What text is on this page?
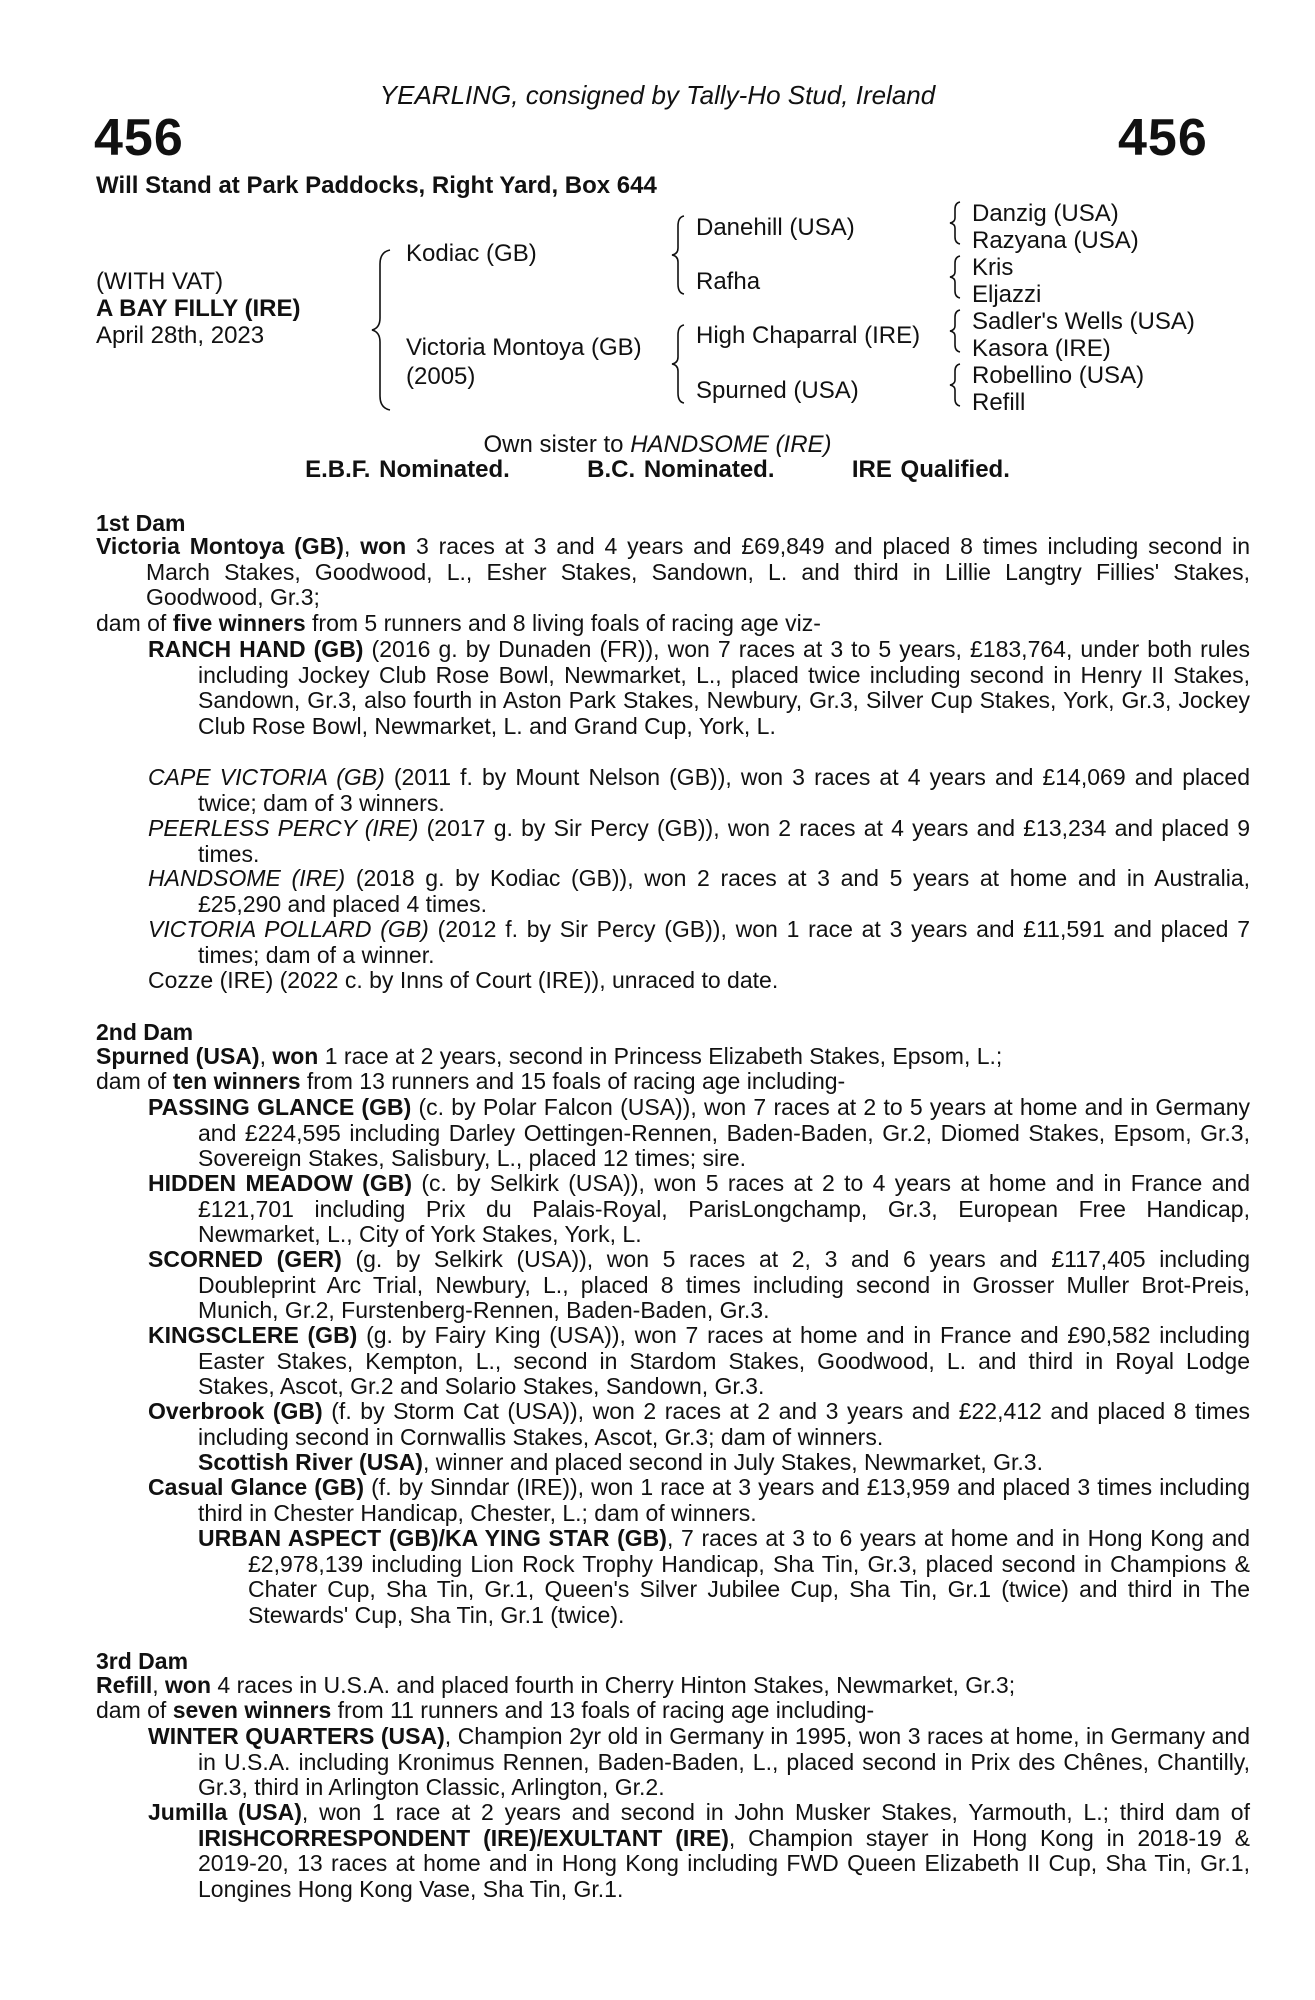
YEARLING, consigned by Tally-Ho Stud, Ireland
456	456
Will Stand at Park Paddocks, Right Yard, Box 644
(WITH VAT)
A BAY FILLY (IRE)
April 28th, 2023
Kodiac (GB)
Victoria Montoya (GB)
(2005)
Danehill (USA)
Rafha
High Chaparral (IRE)
Spurned (USA)
Danzig (USA)
Razyana (USA)
Kris
Eljazzi
Sadler's Wells (USA)
Kasora (IRE)
Robellino (USA)
Refill
Own sister to HANDSOME (IRE)
E.B.F. Nominated.	B.C. Nominated.	IRE Qualified.
1st Dam
Victoria Montoya (GB), won 3 races at 3 and 4 years and £69,849 and placed 8 times including second in March Stakes, Goodwood, L., Esher Stakes, Sandown, L. and third in Lillie Langtry Fillies' Stakes, Goodwood, Gr.3;
dam of five winners from 5 runners and 8 living foals of racing age viz-
RANCH HAND (GB) (2016 g. by Dunaden (FR)), won 7 races at 3 to 5 years, £183,764, under both rules including Jockey Club Rose Bowl, Newmarket, L., placed twice including second in Henry II Stakes, Sandown, Gr.3, also fourth in Aston Park Stakes, Newbury, Gr.3, Silver Cup Stakes, York, Gr.3, Jockey Club Rose Bowl, Newmarket, L. and Grand Cup, York, L.
CAPE VICTORIA (GB) (2011 f. by Mount Nelson (GB)), won 3 races at 4 years and £14,069 and placed twice; dam of 3 winners.
PEERLESS PERCY (IRE) (2017 g. by Sir Percy (GB)), won 2 races at 4 years and £13,234 and placed 9 times.
HANDSOME (IRE) (2018 g. by Kodiac (GB)), won 2 races at 3 and 5 years at home and in Australia, £25,290 and placed 4 times.
VICTORIA POLLARD (GB) (2012 f. by Sir Percy (GB)), won 1 race at 3 years and £11,591 and placed 7 times; dam of a winner.
Cozze (IRE) (2022 c. by Inns of Court (IRE)), unraced to date.
2nd Dam
Spurned (USA), won 1 race at 2 years, second in Princess Elizabeth Stakes, Epsom, L.;
dam of ten winners from 13 runners and 15 foals of racing age including-
PASSING GLANCE (GB) (c. by Polar Falcon (USA)), won 7 races at 2 to 5 years at home and in Germany and £224,595 including Darley Oettingen-Rennen, Baden-Baden, Gr.2, Diomed Stakes, Epsom, Gr.3, Sovereign Stakes, Salisbury, L., placed 12 times; sire.
HIDDEN MEADOW (GB) (c. by Selkirk (USA)), won 5 races at 2 to 4 years at home and in France and £121,701 including Prix du Palais-Royal, ParisLongchamp, Gr.3, European Free Handicap, Newmarket, L., City of York Stakes, York, L.
SCORNED (GER) (g. by Selkirk (USA)), won 5 races at 2, 3 and 6 years and £117,405 including Doubleprint Arc Trial, Newbury, L., placed 8 times including second in Grosser Muller Brot-Preis, Munich, Gr.2, Furstenberg-Rennen, Baden-Baden, Gr.3.
KINGSCLERE (GB) (g. by Fairy King (USA)), won 7 races at home and in France and £90,582 including Easter Stakes, Kempton, L., second in Stardom Stakes, Goodwood, L. and third in Royal Lodge Stakes, Ascot, Gr.2 and Solario Stakes, Sandown, Gr.3.
Overbrook (GB) (f. by Storm Cat (USA)), won 2 races at 2 and 3 years and £22,412 and placed 8 times including second in Cornwallis Stakes, Ascot, Gr.3; dam of winners.
Scottish River (USA), winner and placed second in July Stakes, Newmarket, Gr.3.
Casual Glance (GB) (f. by Sinndar (IRE)), won 1 race at 3 years and £13,959 and placed 3 times including third in Chester Handicap, Chester, L.; dam of winners.
URBAN ASPECT (GB)/KA YING STAR (GB), 7 races at 3 to 6 years at home and in Hong Kong and £2,978,139 including Lion Rock Trophy Handicap, Sha Tin, Gr.3, placed second in Champions & Chater Cup, Sha Tin, Gr.1, Queen's Silver Jubilee Cup, Sha Tin, Gr.1 (twice) and third in The Stewards' Cup, Sha Tin, Gr.1 (twice).
3rd Dam
Refill, won 4 races in U.S.A. and placed fourth in Cherry Hinton Stakes, Newmarket, Gr.3;
dam of seven winners from 11 runners and 13 foals of racing age including-
WINTER QUARTERS (USA), Champion 2yr old in Germany in 1995, won 3 races at home, in Germany and in U.S.A. including Kronimus Rennen, Baden-Baden, L., placed second in Prix des Chênes, Chantilly, Gr.3, third in Arlington Classic, Arlington, Gr.2.
Jumilla (USA), won 1 race at 2 years and second in John Musker Stakes, Yarmouth, L.; third dam of IRISHCORRESPONDENT (IRE)/EXULTANT (IRE), Champion stayer in Hong Kong in 2018-19 & 2019-20, 13 races at home and in Hong Kong including FWD Queen Elizabeth II Cup, Sha Tin, Gr.1, Longines Hong Kong Vase, Sha Tin, Gr.1.
